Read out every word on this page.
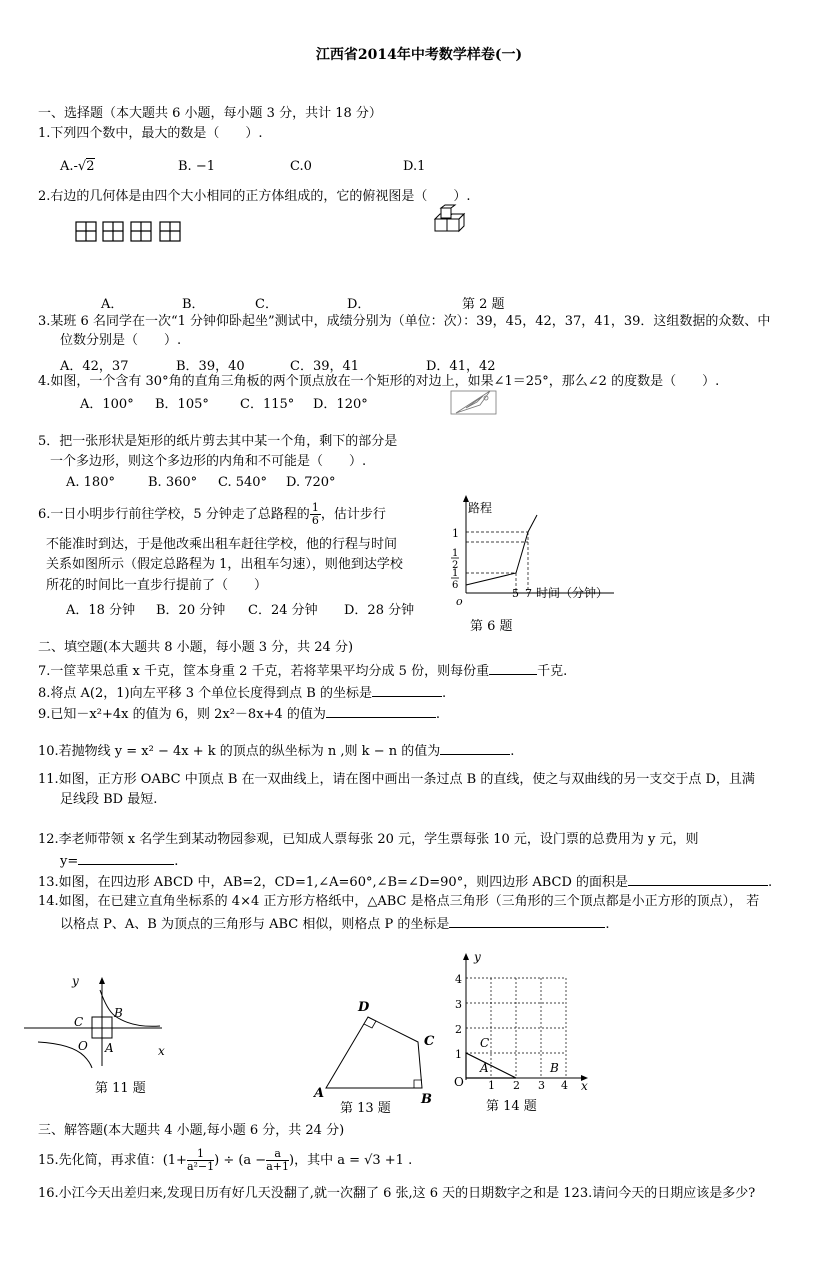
江西省2014年中考数学样卷(一)
一、选择题（本大题共 6 小题，每小题 3 分，共计 18 分）
1.下列四个数中，最大的数是（　　）.
A.-√2	B. −1	C.0	D.1
2.右边的几何体是由四个大小相同的正方体组成的，它的俯视图是（　　）.
A．	B．	C．	D．	第 2 题
3.某班 6 名同学在一次“1 分钟仰卧起坐”测试中，成绩分别为（单位：次）：39，45，42，37，41，39．这组数据的众数、中
位数分别是（　　）.
A．42，37	B．39，40	C．39，41	D．41，42
4.如图，一个含有 30°角的直角三角板的两个顶点放在一个矩形的对边上，如果∠1＝25°，那么∠2 的度数是（　　）.
A．100° B．105° C．115° D．120°
5．把一张形状是矩形的纸片剪去其中某一个角，剩下的部分是
一个多边形，则这个多边形的内角和不可能是（　　）.
A. 180°	B. 360° C. 540° D. 720°
6.一日小明步行前往学校，5 分钟走了总路程的 $\frac{1}{6}$ ，估计步行
不能准时到达，于是他改乘出租车赶往学校，他的行程与时间
关系如图所示（假定总路程为 1，出租车匀速），则他到达学校
所花的时间比一直步行提前了（　　）
A．18 分钟 B．20 分钟 C．24 分钟 D．28 分钟
路程
1
1
2
1
6
o
5 7 时间（分钟）
第 6 题
二、填空题(本大题共 8 小题，每小题 3 分，共 24 分)
7.一筐苹果总重 x 千克，筐本身重 2 千克，若将苹果平均分成 5 份，则每份重	千克.
8.将点 A(2，1)向左平移 3 个单位长度得到点 B 的坐标是	.
9.已知－x²+4x 的值为 6，则 2x²－8x+4 的值为	.
10.若抛物线 y = x² − 4x + k 的顶点的纵坐标为 n ,则 k − n 的值为	.
11.如图，正方形 OABC 中顶点 B 在一双曲线上，请在图中画出一条过点 B 的直线，使之与双曲线的另一支交于点 D，且满
足线段 BD 最短.
12.李老师带领 x 名学生到某动物园参观，已知成人票每张 20 元，学生票每张 10 元，设门票的总费用为 y 元，则
y=	.
13.如图，在四边形 ABCD 中，AB=2，CD=1,∠A=60°,∠B=∠D=90°，则四边形 ABCD 的面积是	.
14.如图，在已建立直角坐标系的 4×4 正方形方格纸中，△ABC 是格点三角形（三角形的三个顶点都是小正方形的顶点）， 若
以格点 P、A、B 为顶点的三角形与 ABC 相似，则格点 P 的坐标是	.
y
x
O A
B
C
第 11 题	A	B
C
D
第 13 题
y
x
O
1
2
3
4
1 2 3 4
A	B
C
第 14 题
三、解答题(本大题共 4 小题,每小题 6 分，共 24 分)
15.先化简，再求值：($1+ \frac{1}{\text{a²−1}}$ ) ÷ ($a - \frac{a}{a+1}$ )，其中 a = √3 +1 .
16.小江今天出差归来,发现日历有好几天没翻了,就一次翻了 6 张,这 6 天的日期数字之和是 123.请问今天的日期应该是多少?
